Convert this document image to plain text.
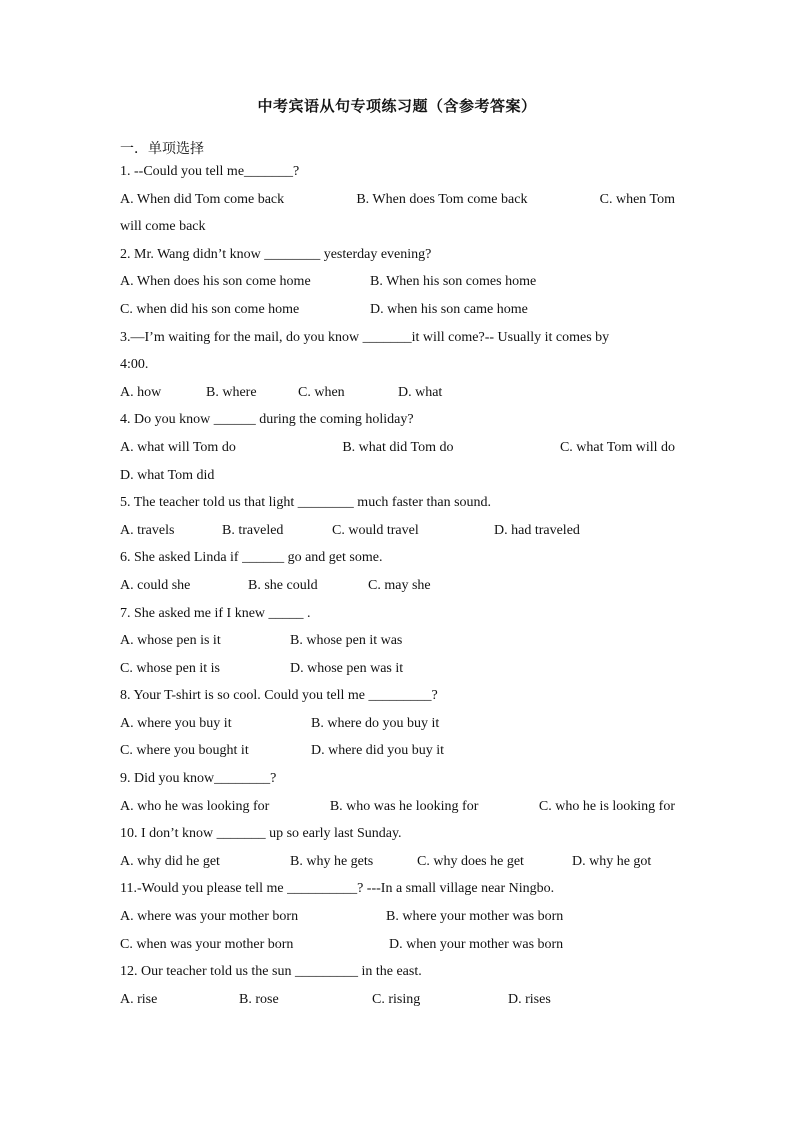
中考宾语从句专项练习题（含参考答案）
一．单项选择
1. --Could you tell me_______?
A. When did Tom come back	B. When does Tom come back	C. when Tom
will come back
2. Mr. Wang didn’t know ________ yesterday evening?
A. When does his son come home	B. When his son comes home
C. when did his son come home	D. when his son came home
3.—I’m waiting for the mail, do you know _______it will come?-- Usually it comes by
4:00.
A. how	B. where	C. when	D. what
4. Do you know ______ during the coming holiday?
A. what will Tom do	B. what did Tom do	C. what Tom will do
D. what Tom did
5. The teacher told us that light ________ much faster than sound.
A. travels	B. traveled	C. would travel	D. had traveled
6. She asked Linda if ______ go and get some.
A. could she	B. she could	C. may she
7. She asked me if I knew _____ .
A. whose pen is it	B. whose pen it was
C. whose pen it is	D. whose pen was it
8. Your T-shirt is so cool. Could you tell me _________?
A. where you buy it	B. where do you buy it
C. where you bought it	D. where did you buy it
9. Did you know________?
A. who he was looking for	B. who was he looking for	C. who he is looking for
10. I don’t know _______ up so early last Sunday.
A. why did he get	B. why he gets	C. why does he get	D. why he got
11.-Would you please tell me __________? ---In a small village near Ningbo.
A. where was your mother born	B. where your mother was born
C. when was your mother born	D. when your mother was born
12. Our teacher told us the sun _________ in the east.
A. rise	B. rose	C. rising	D. rises
